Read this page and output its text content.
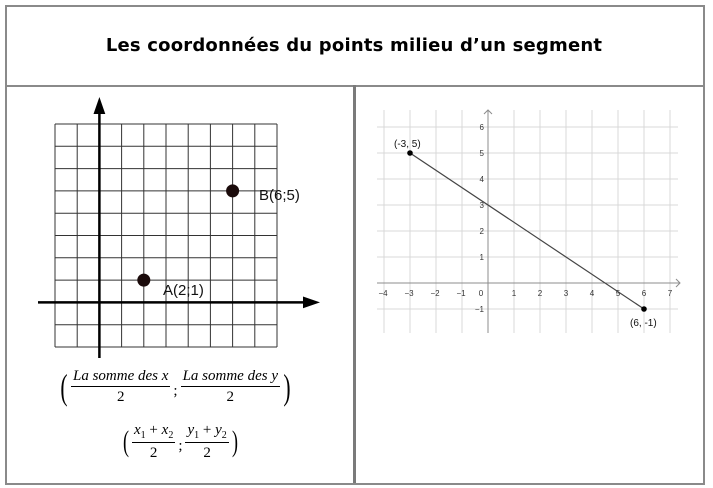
Les coordonnées du points milieu d’un segment
A(2;1)
B(6;5)
( $\frac{\text{La somme des x}}{2}$ ; $\frac{\text{La somme des y}}{2}$ )
( $\frac{x_1 + x_2}{2}$ ; $\frac{y_1 + y_2}{2}$ )
−4 −3 −2 −1 0	1	2	3	4	5	6	7
−1
1
2
3
4
5
6
(-3, 5)
(6, -1)
